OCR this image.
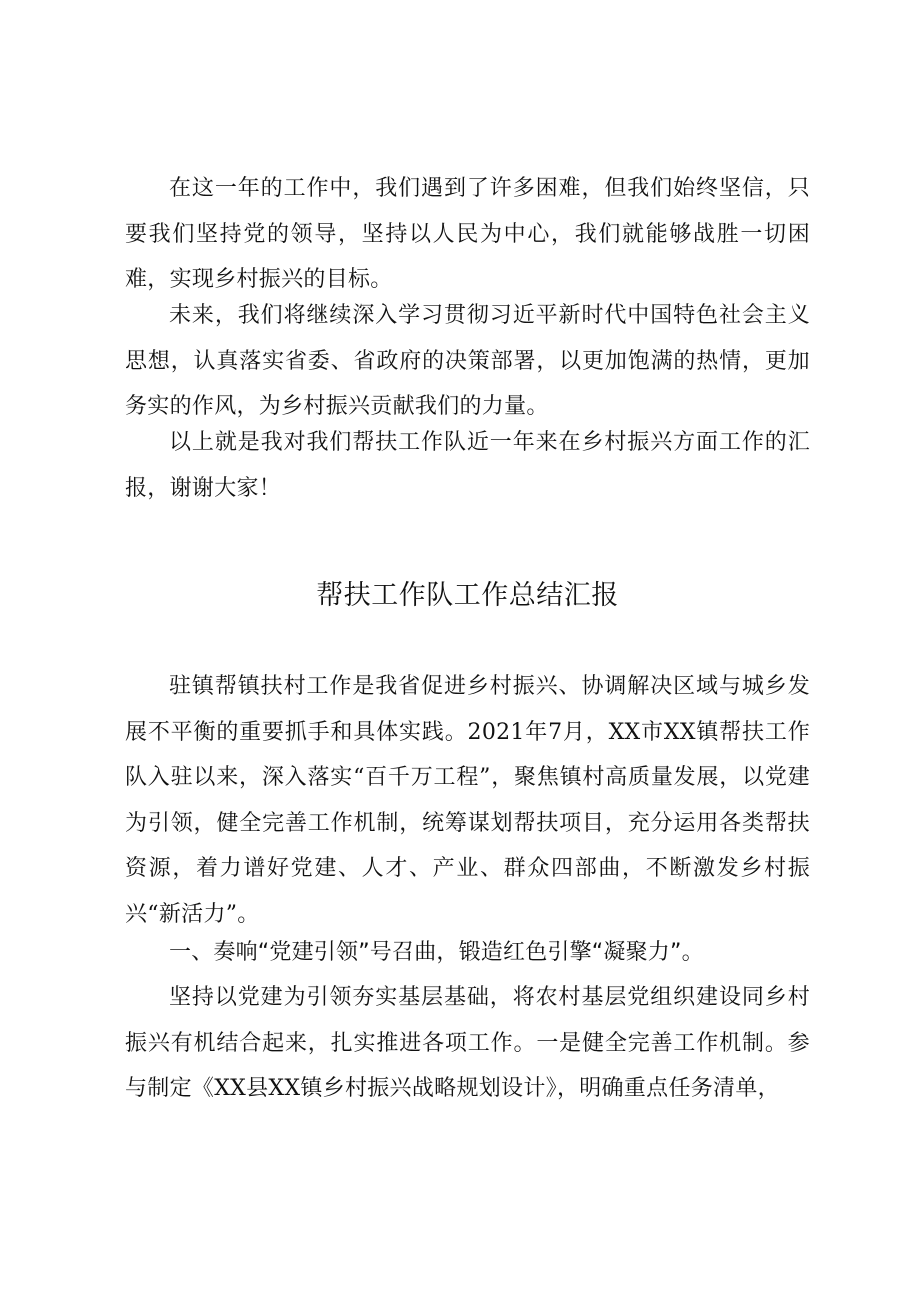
在这一年的工作中，我们遇到了许多困难，但我们始终坚信，只要我们坚持党的领导，坚持以人民为中心，我们就能够战胜一切困难，实现乡村振兴的目标。

未来，我们将继续深入学习贯彻习近平新时代中国特色社会主义思想，认真落实省委、省政府的决策部署，以更加饱满的热情，更加务实的作风，为乡村振兴贡献我们的力量。

以上就是我对我们帮扶工作队近一年来在乡村振兴方面工作的汇报，谢谢大家！

帮扶工作队工作总结汇报

驻镇帮镇扶村工作是我省促进乡村振兴、协调解决区域与城乡发展不平衡的重要抓手和具体实践。2021年7月，XX市XX镇帮扶工作队入驻以来，深入落实“百千万工程”，聚焦镇村高质量发展，以党建为引领，健全完善工作机制，统筹谋划帮扶项目，充分运用各类帮扶资源，着力谱好党建、人才、产业、群众四部曲，不断激发乡村振兴“新活力”。

一、奏响“党建引领”号召曲，锻造红色引擎“凝聚力”。

坚持以党建为引领夯实基层基础，将农村基层党组织建设同乡村振兴有机结合起来，扎实推进各项工作。一是健全完善工作机制。参与制定《XX县XX镇乡村振兴战略规划设计》，明确重点任务清单，
